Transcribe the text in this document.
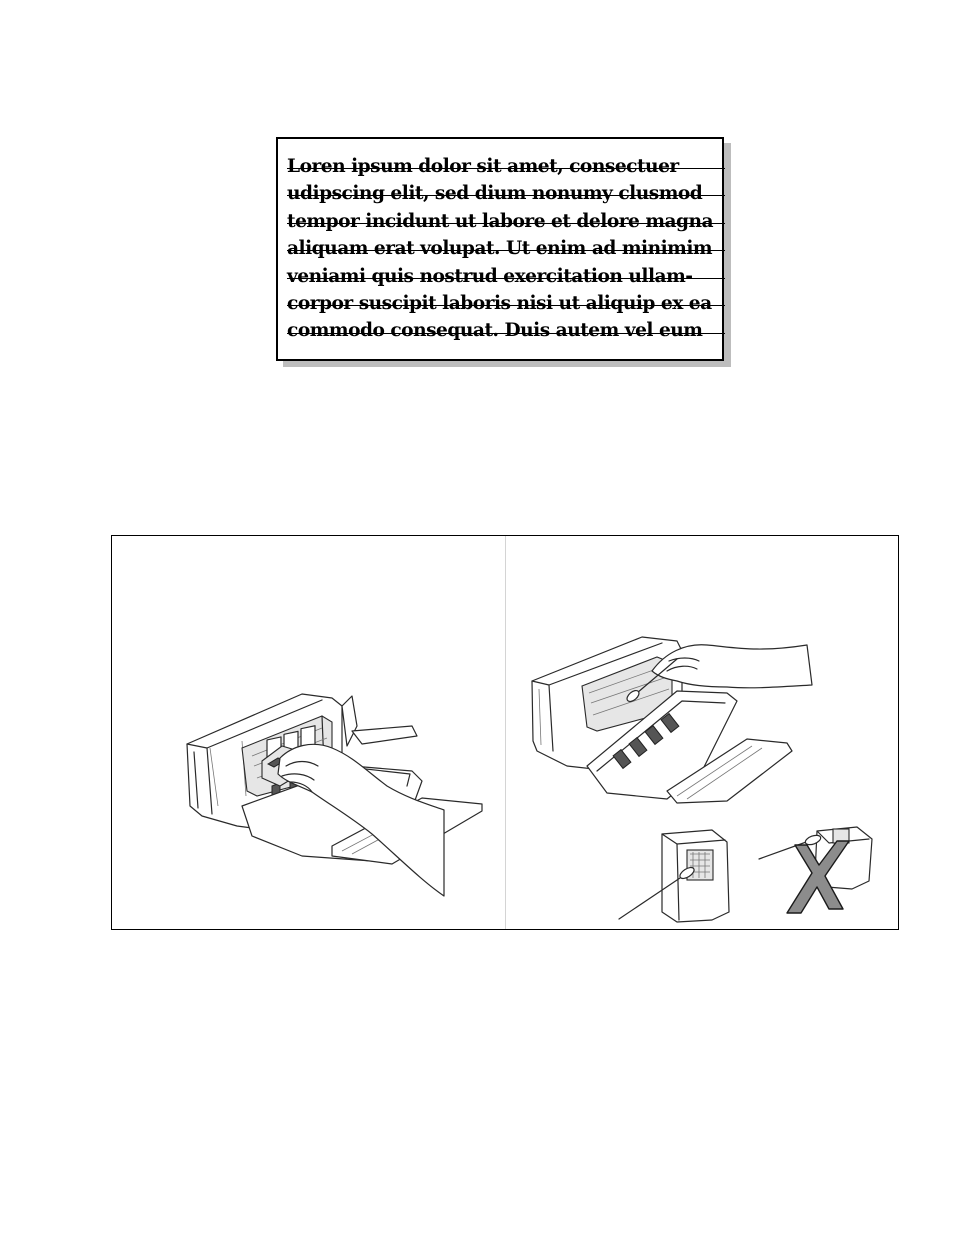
Loren ipsum dolor sit amet, consectuer
udipscing elit, sed dium nonumy clusmod
tempor incidunt ut labore et delore magna
aliquam erat volupat. Ut enim ad minimim
veniami quis nostrud exercitation ullam-
corpor suscipit laboris nisi ut aliquip ex ea
commodo consequat. Duis autem vel eum
